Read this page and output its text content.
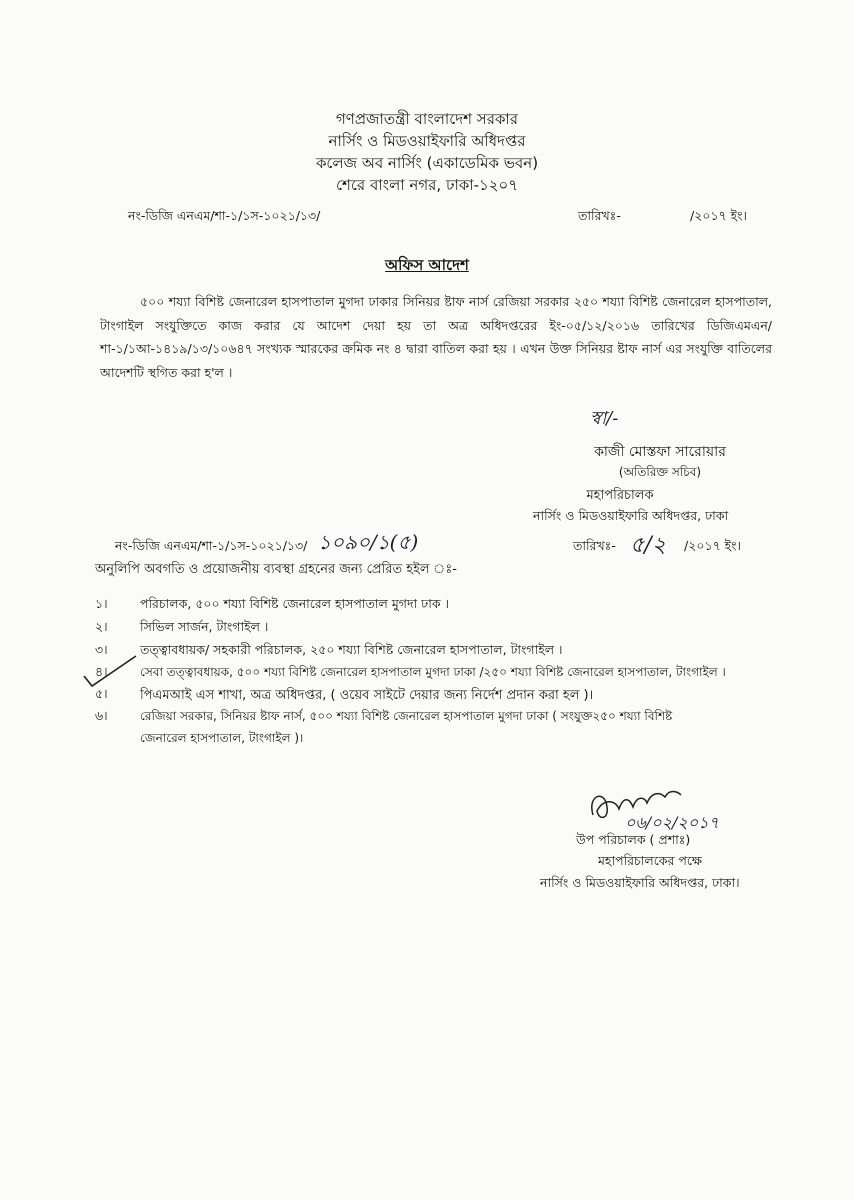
গণপ্রজাতন্ত্রী বাংলাদেশ সরকার
নার্সিং ও মিডওয়াইফারি অধিদপ্তর
কলেজ অব নার্সিং (একাডেমিক ভবন)
শেরে বাংলা নগর, ঢাকা-১২০৭
নং-ডিজি এনএম/শা-১/১স-১০২১/১৩/	তারিখঃ-	/২০১৭ ইং।
অফিস আদেশ
৫০০ শয্যা বিশিষ্ট জেনারেল হাসপাতাল মুগদা ঢাকার সিনিয়র ষ্টাফ নার্স রেজিয়া সরকার ২৫০ শয্যা বিশিষ্ট জেনারেল হাসপাতাল, টাংগাইল সংযুক্তিতে কাজ করার যে আদেশ দেয়া হয় তা অত্র অধিদপ্তরের ইং-০৫/১২/২০১৬ তারিখের ডিজিএমএন/শা-১/১আ-১৪১৯/১৩/১০৬৪৭ সংখ্যক স্মারকের ক্রমিক নং ৪ দ্বারা বাতিল করা হয় । এখন উক্ত সিনিয়র ষ্টাফ নার্স এর সংযুক্তি বাতিলের আদেশটি স্থগিত করা হ'ল ।
স্বা/-
কাজী মোস্তফা সারোয়ার
(অতিরিক্ত সচিব)
মহাপরিচালক
নার্সিং ও মিডওয়াইফারি অধিদপ্তর, ঢাকা
নং-ডিজি এনএম/শা-১/১স-১০২১/১৩/ ১০৯০/১(৫)	তারিখঃ- ৫/২ /২০১৭ ইং।
অনুলিপি অবগতি ও প্রয়োজনীয় ব্যবস্থা গ্রহনের জন্য প্রেরিত হইল ঃ-
১।	পরিচালক, ৫০০ শয্যা বিশিষ্ট জেনারেল হাসপাতাল মুগদা ঢাক ।
২।	সিভিল সার্জন, টাংগাইল ।
৩।	তত্ত্বাবধায়ক/ সহকারী পরিচালক, ২৫০ শয্যা বিশিষ্ট জেনারেল হাসপাতাল, টাংগাইল ।
৪।	সেবা তত্ত্বাবধায়ক, ৫০০ শয্যা বিশিষ্ট জেনারেল হাসপাতাল মুগদা ঢাকা /২৫০ শয্যা বিশিষ্ট জেনারেল হাসপাতাল, টাংগাইল ।
৫। পিএমআই এস শাখা, অত্র অধিদপ্তর, ( ওয়েব সাইটে দেয়ার জন্য নির্দেশ প্রদান করা হল )।
৬।	রেজিয়া সরকার, সিনিয়র ষ্টাফ নার্স, ৫০০ শয্যা বিশিষ্ট জেনারেল হাসপাতাল মুগদা ঢাকা ( সংযুক্ত২৫০ শয্যা বিশিষ্ট
জেনারেল হাসপাতাল, টাংগাইল )।
০৬/০২/২০১৭
উপ পরিচালক ( প্রশাঃ)
মহাপরিচালকের পক্ষে
নার্সিং ও মিডওয়াইফারি অধিদপ্তর, ঢাকা।
